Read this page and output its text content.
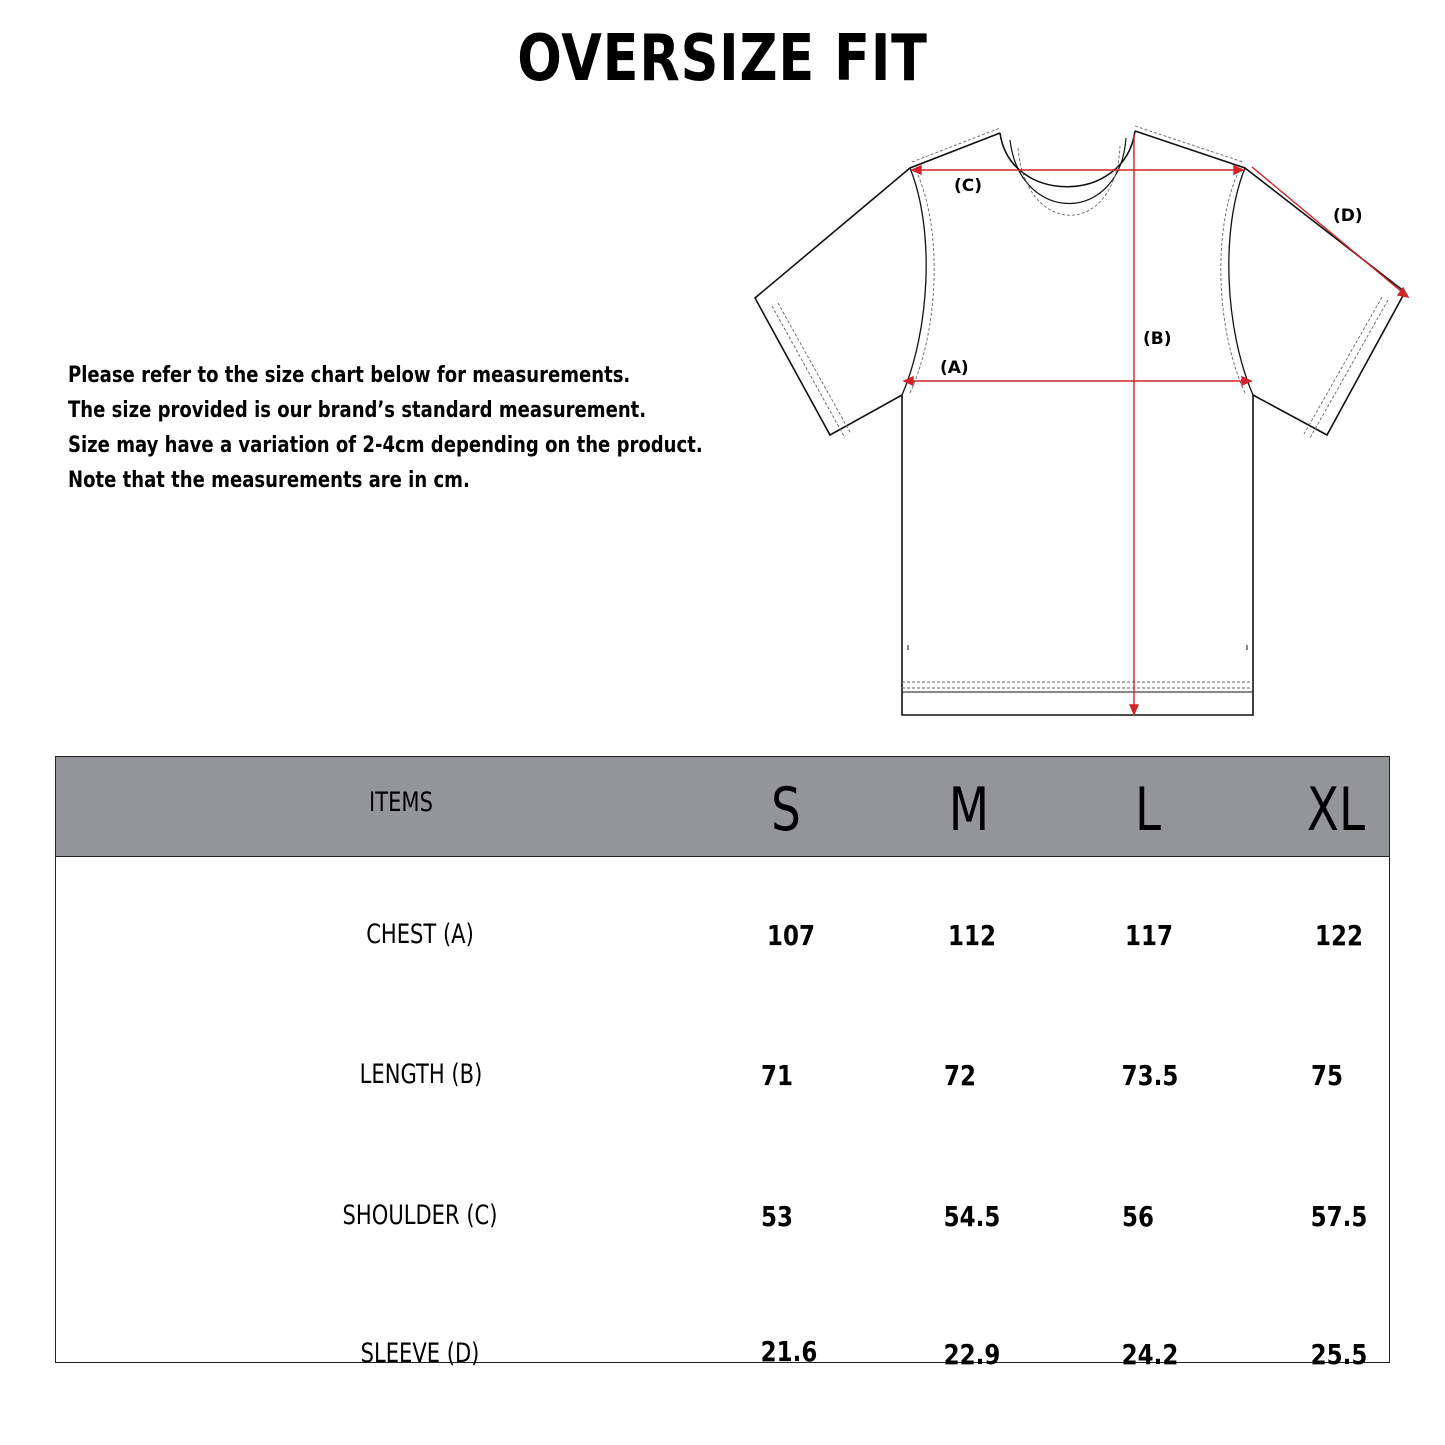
OVERSIZE FIT
Please refer to the size chart below for measurements.
The size provided is our brand’s standard measurement.
Size may have a variation of 2-4cm depending on the product.
Note that the measurements are in cm.
(A)
(B)
(C)
(D)
ITEMS	S M L XL
CHEST (A)	107	112	117	122
LENGTH (B)	71	72	73.5	75
SHOULDER (C)	53	54.5	56	57.5
SLEEVE (D)	21.6	22.9	24.2	25.5
